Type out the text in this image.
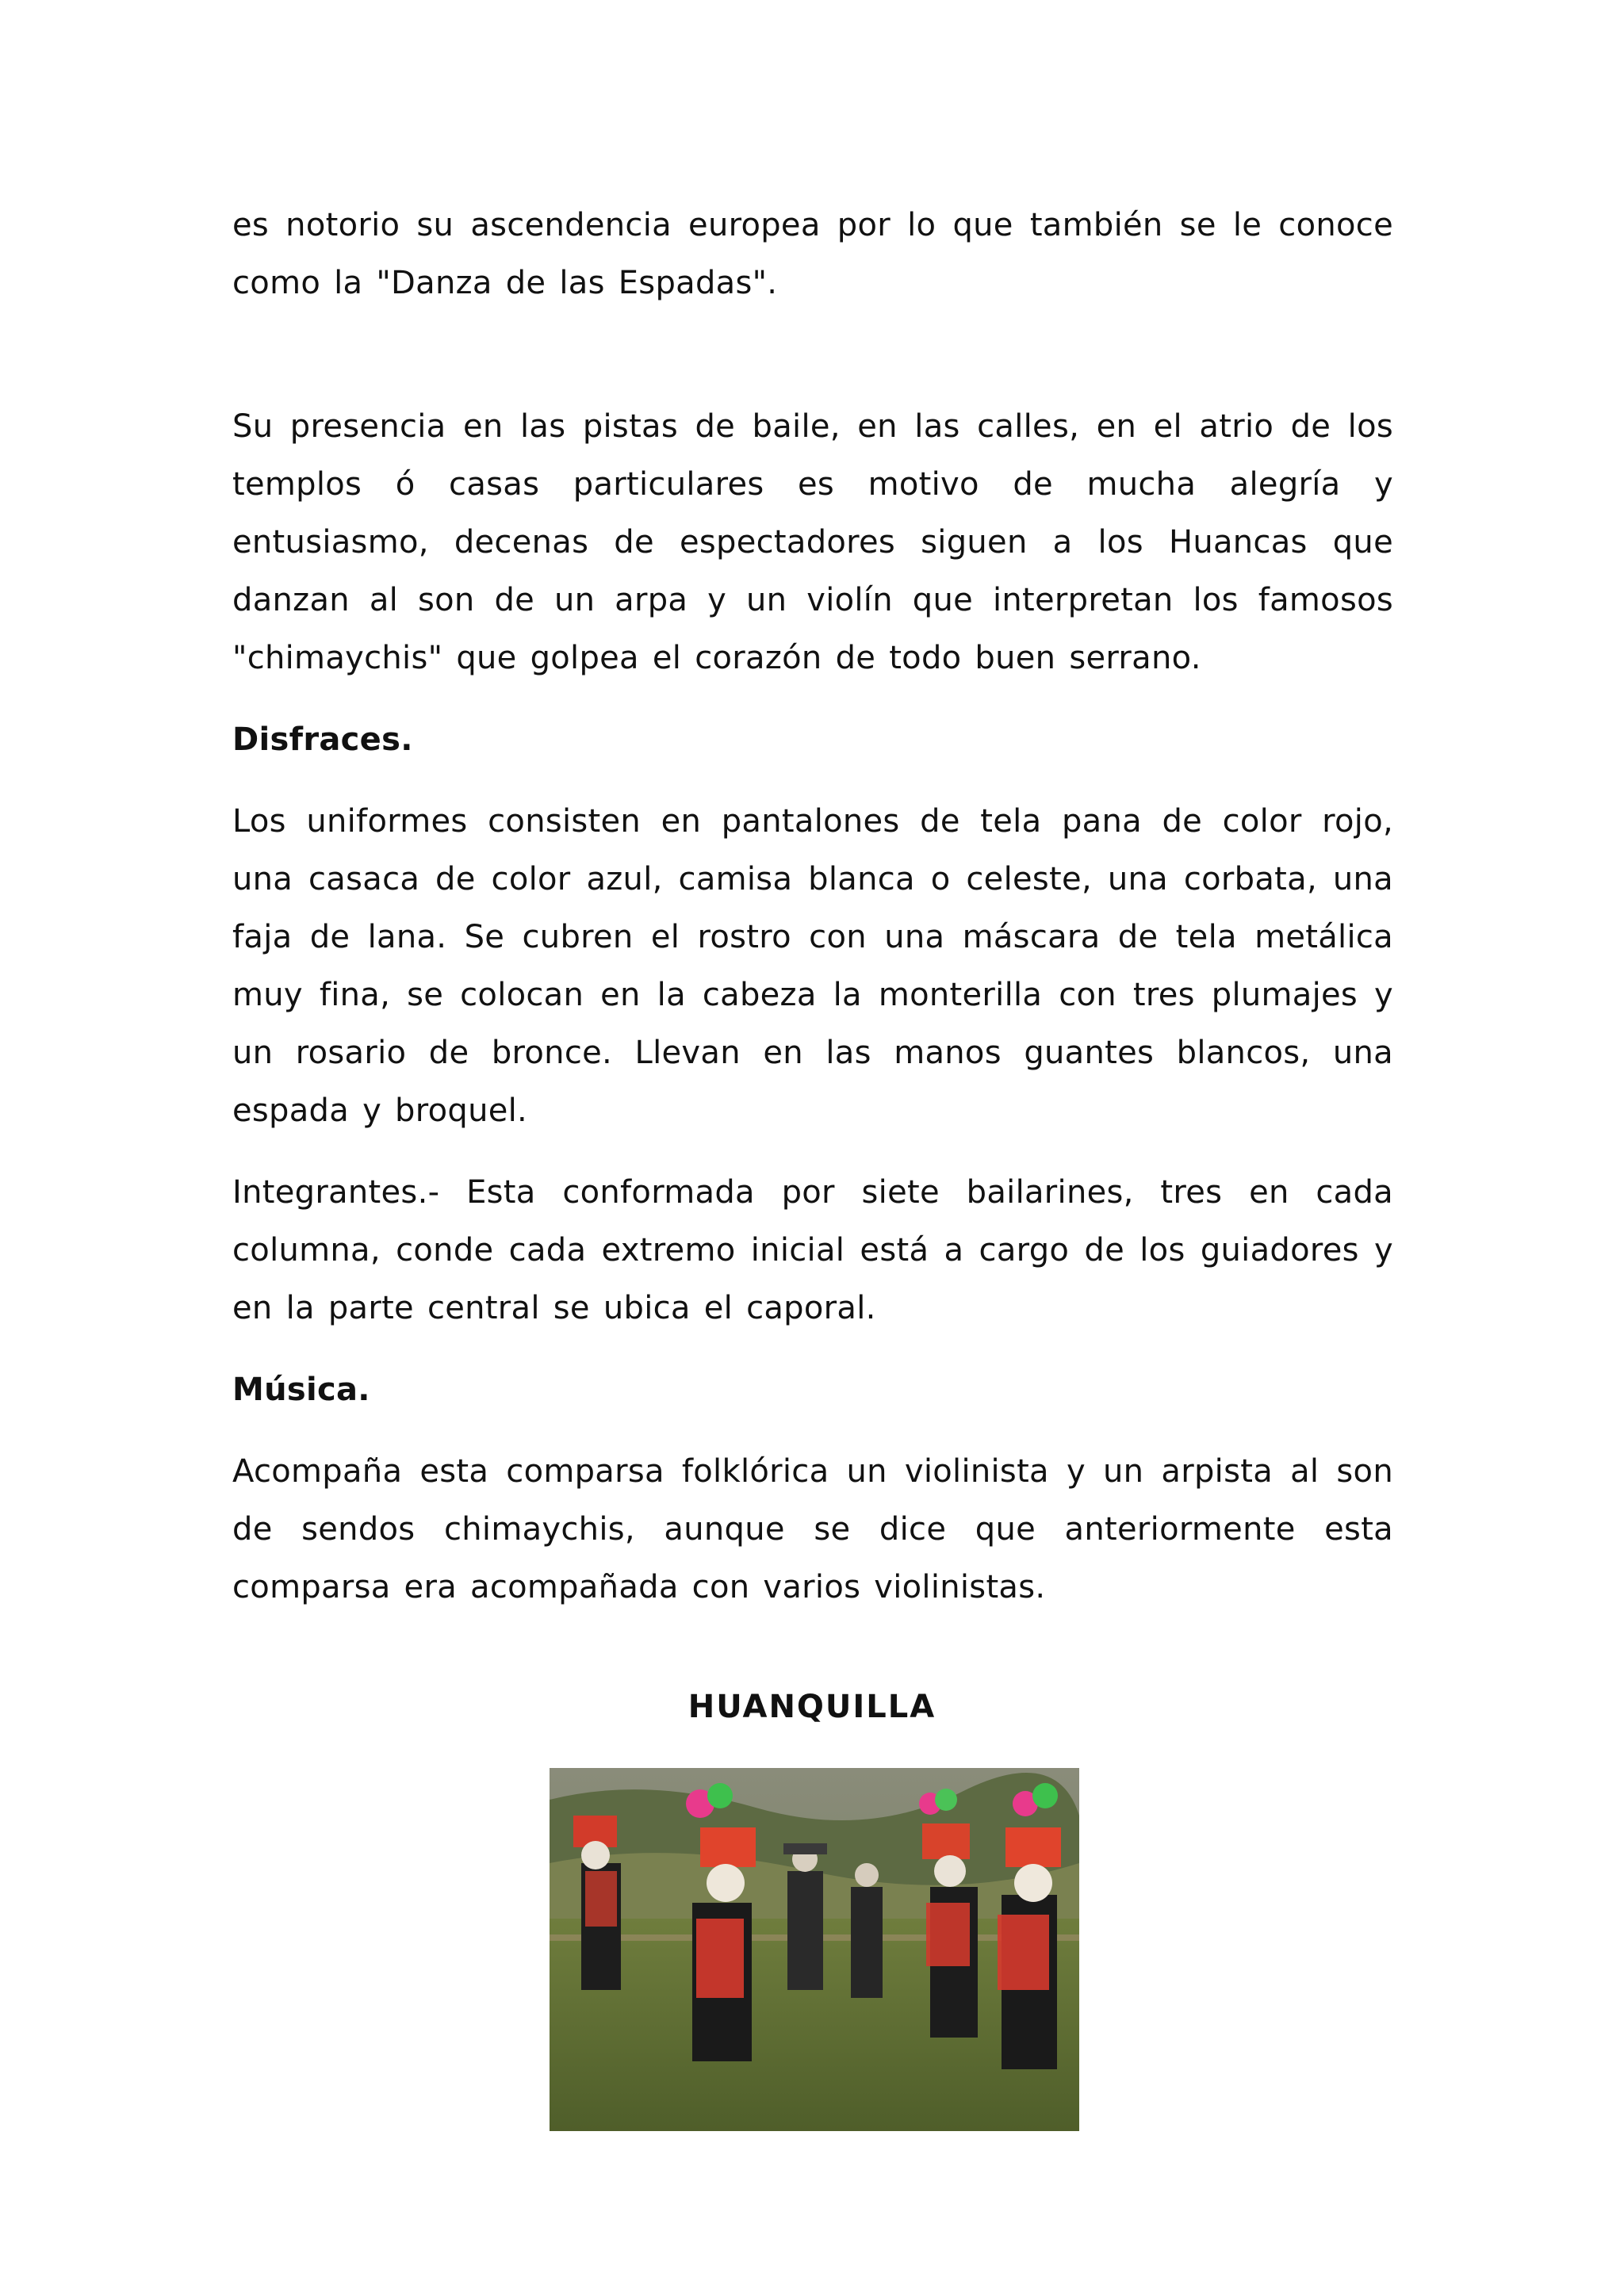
es notorio su ascendencia europea por lo que también se le conoce como la "Danza de las Espadas".

Su presencia en las pistas de baile, en las calles, en el atrio de los templos ó casas particulares es motivo de mucha alegría y entusiasmo, decenas de espectadores siguen a los Huancas que danzan al son de un arpa y un violín que interpretan los famosos "chimaychis" que golpea el corazón de todo buen serrano.

Disfraces.

Los uniformes consisten en pantalones de tela pana de color rojo, una casaca de color azul, camisa blanca o celeste, una corbata, una faja de lana. Se cubren el rostro con una máscara de tela metálica muy fina, se colocan en la cabeza la monterilla con tres plumajes y un rosario de bronce. Llevan en las manos guantes blancos, una espada y broquel.

Integrantes.- Esta conformada por siete bailarines, tres en cada columna, conde cada extremo inicial está a cargo de los guiadores y en la parte central se ubica el caporal.

Música.

Acompaña esta comparsa folklórica un violinista y un arpista al son de sendos chimaychis, aunque se dice que anteriormente esta comparsa era acompañada con varios violinistas.

HUANQUILLA
